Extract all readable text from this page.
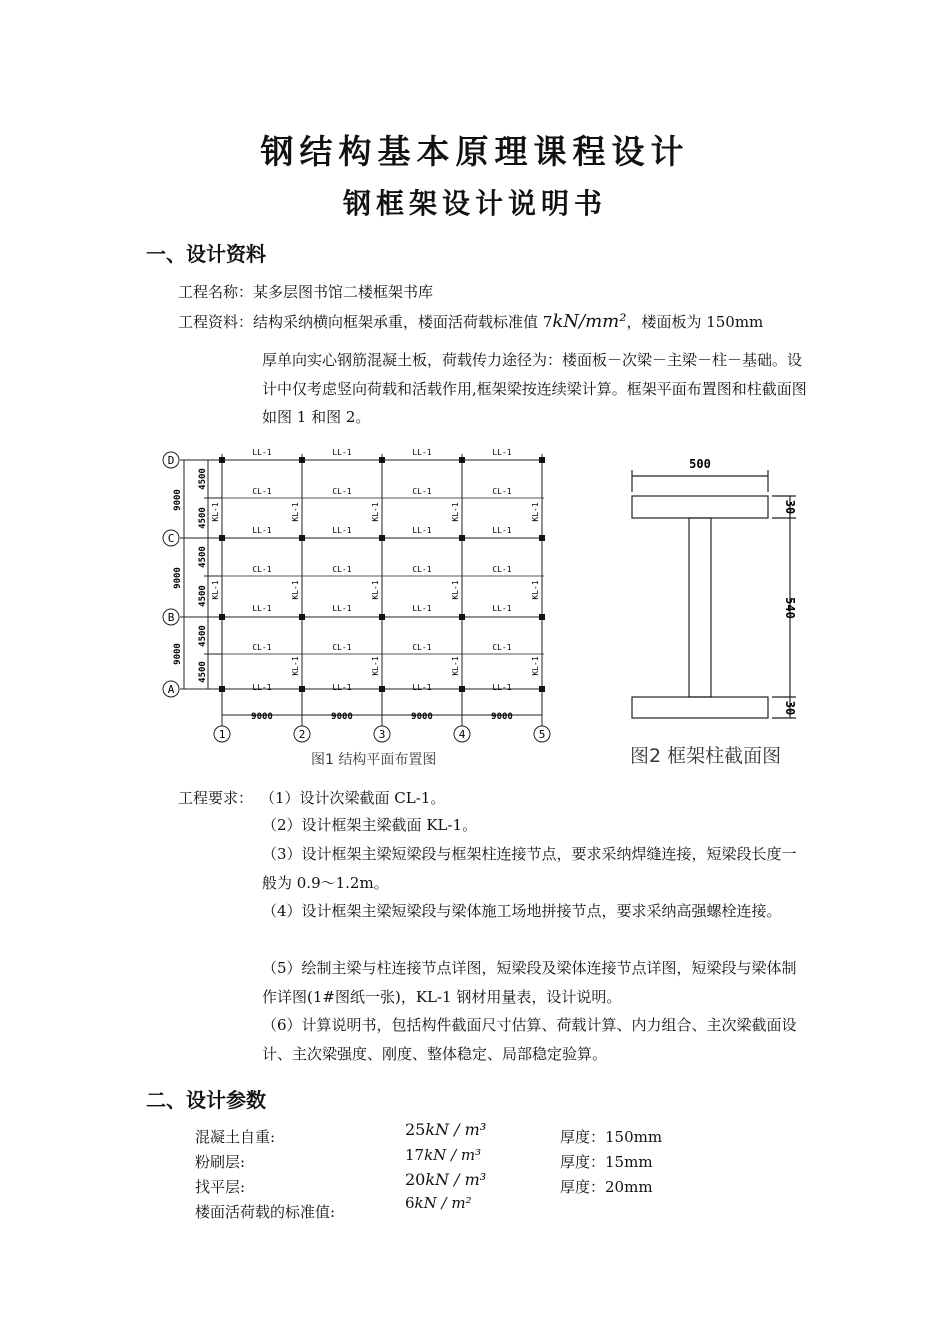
钢结构基本原理课程设计
钢框架设计说明书
一、设计资料
工程名称：某多层图书馆二楼框架书库
工程资料：结构采纳横向框架承重，楼面活荷载标准值 7kN/mm²，楼面板为 150mm
厚单向实心钢筋混凝土板，荷载传力途径为：楼面板－次梁－主梁－柱－基础。设计中仅考虑竖向荷载和活载作用,框架梁按连续梁计算。框架平面布置图和柱截面图如图 1 和图 2。
D
C
B
A
1	2	3	4	5
LL-1	LL-1	LL-1	LL-1
CL-1	CL-1	CL-1	CL-1
LL-1	LL-1	LL-1	LL-1
CL-1	CL-1	CL-1	CL-1
LL-1	LL-1	LL-1	LL-1
CL-1	CL-1	CL-1	CL-1
LL-1	LL-1	LL-1	LL-1
KL-1	KL-1	KL-1	KL-1	KL-1
KL-1	KL-1	KL-1	KL-1	KL-1
KL-1	KL-1	KL-1	KL-1
9000
9000
9000
4500
4500
4500
4500
4500
4500
9000	9000	9000	9000
图1 结构平面布置图
500
30
540
30
图2 框架柱截面图
工程要求： （1）设计次梁截面 CL-1。
（2）设计框架主梁截面 KL-1。
（3）设计框架主梁短梁段与框架柱连接节点，要求采纳焊缝连接，短梁段长度一般为 0.9～1.2m。
（4）设计框架主梁短梁段与梁体施工场地拼接节点，要求采纳高强螺栓连接。
（5）绘制主梁与柱连接节点详图，短梁段及梁体连接节点详图，短梁段与梁体制作详图(1#图纸一张)，KL-1 钢材用量表，设计说明。
（6）计算说明书，包括构件截面尺寸估算、荷载计算、内力组合、主次梁截面设计、主次梁强度、刚度、整体稳定、局部稳定验算。
二、设计参数
混凝土自重:	25kN / m³	厚度：150mm
粉刷层:	17kN / m³	厚度：15mm
找平层:	20kN / m³	厚度：20mm
楼面活荷载的标准值:	6kN / m²
